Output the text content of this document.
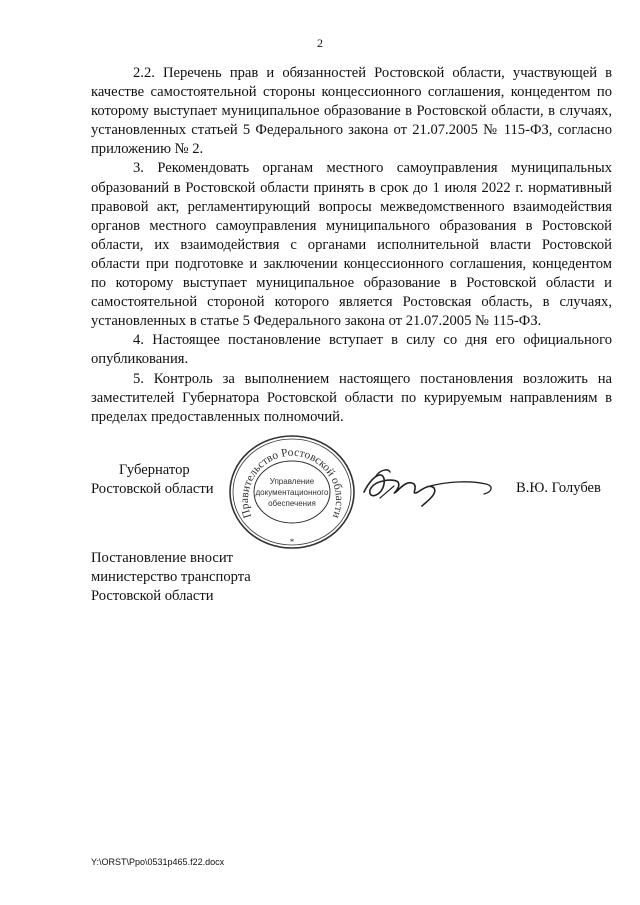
2

2.2. Перечень прав и обязанностей Ростовской области, участвующей в качестве самостоятельной стороны концессионного соглашения, концедентом по которому выступает муниципальное образование в Ростовской области, в случаях, установленных статьей 5 Федерального закона от 21.07.2005 № 115-ФЗ, согласно приложению № 2.

3. Рекомендовать органам местного самоуправления муниципальных образований в Ростовской области принять в срок до 1 июля 2022 г. нормативный правовой акт, регламентирующий вопросы межведомственного взаимодействия органов местного самоуправления муниципального образования в Ростовской области, их взаимодействия с органами исполнительной власти Ростовской области при подготовке и заключении концессионного соглашения, концедентом по которому выступает муниципальное образование в Ростовской области и самостоятельной стороной которого является Ростовская область, в случаях, установленных в статье 5 Федерального закона от 21.07.2005 № 115-ФЗ.

4. Настоящее постановление вступает в силу со дня его официального опубликования.

5. Контроль за выполнением настоящего постановления возложить на заместителей Губернатора Ростовской области по курируемым направлениям в пределах предоставленных полномочий.

Губернатор
Ростовской области
Правительство Ростовской области
Управление
документационного
обеспечения
*
В.Ю. Голубев
Постановление вносит
министерство транспорта
Ростовской области
Y:\ORST\Ppo\0531p465.f22.docx
